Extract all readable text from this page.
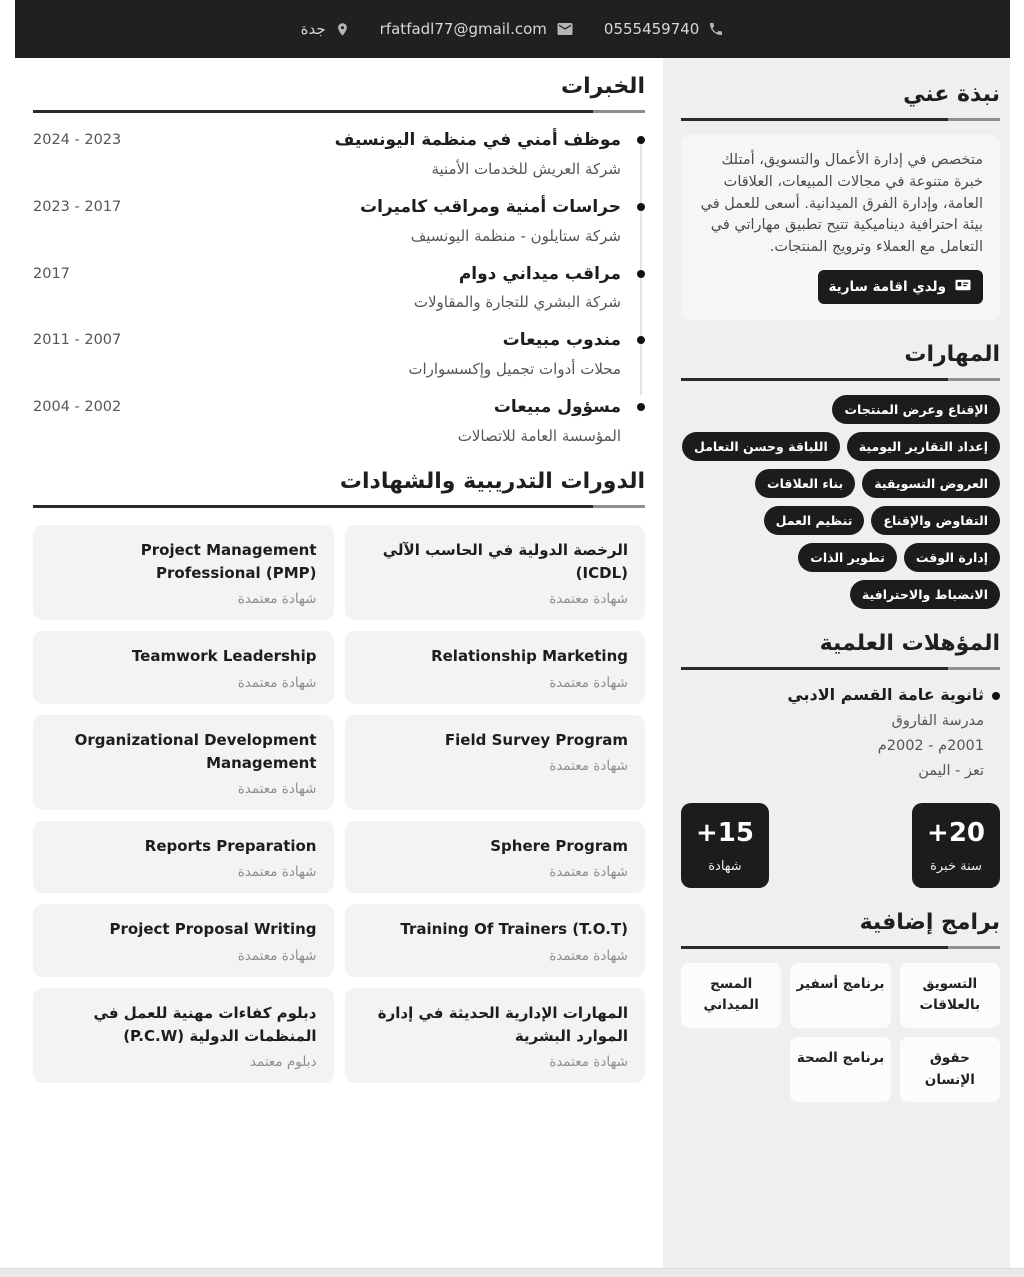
0555459740
rfatfadl77@gmail.com
جدة
نبذة عني

متخصص في إدارة الأعمال والتسويق، أمتلك خبرة متنوعة في مجالات المبيعات، العلاقات العامة، وإدارة الفرق الميدانية. أسعى للعمل في بيئة احترافية ديناميكية تتيح تطبيق مهاراتي في التعامل مع العملاء وترويج المنتجات.

ولدي اقامة سارية
المهارات
الإقناع وعرض المنتجات
إعداد التقارير اليومية
اللباقة وحسن التعامل
العروض التسويقية
بناء العلاقات
التفاوض والإقناع
تنظيم العمل
إدارة الوقت
تطوير الذات
الانضباط والاحترافية
المؤهلات العلمية
ثانوية عامة القسم الادبي
مدرسة الفاروق
2001م - 2002م
تعز - اليمن
+20
سنة خبرة
+15
شهادة
برامج إضافية
التسويق بالعلاقات
برنامج أسفير
المسح الميداني
حقوق الإنسان
برنامج الصحة
الخبرات
موظف أمني في منظمة اليونسيف
شركة العريش للخدمات الأمنية
2024 - 2023
حراسات أمنية ومراقب كاميرات
شركة ستايلون - منظمة اليونسيف
2023 - 2017
مراقب ميداني دوام
شركة البشري للتجارة والمقاولات
2017
مندوب مبيعات
محلات أدوات تجميل وإكسسوارات
2011 - 2007
مسؤول مبيعات
المؤسسة العامة للاتصالات
2004 - 2002
الدورات التدريبية والشهادات
الرخصة الدولية في الحاسب الآلي (ICDL)
شهادة معتمدة
Project Management Professional (PMP)
شهادة معتمدة
Relationship Marketing
شهادة معتمدة
Teamwork Leadership
شهادة معتمدة
Field Survey Program
شهادة معتمدة
Organizational Development Management
شهادة معتمدة
Sphere Program
شهادة معتمدة
Reports Preparation
شهادة معتمدة
Training Of Trainers (T.O.T)
شهادة معتمدة
Project Proposal Writing
شهادة معتمدة
المهارات الإدارية الحديثة في إدارة الموارد البشرية
شهادة معتمدة
دبلوم كفاءات مهنية للعمل في المنظمات الدولية (P.C.W)
دبلوم معتمد
